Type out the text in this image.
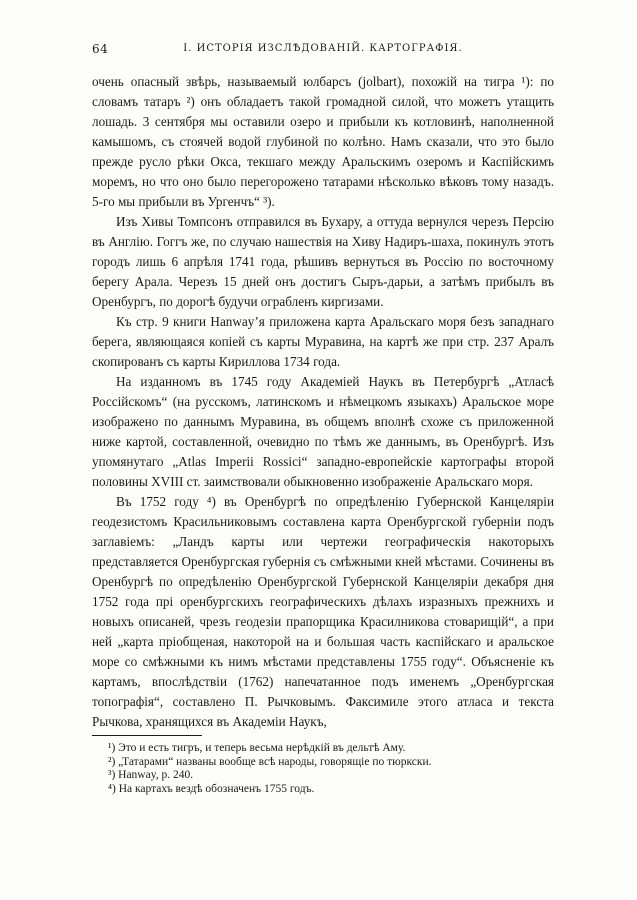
64	I. ИСТОРІЯ ИЗСЛѢДОВАНІЙ. КАРТОГРАФІЯ.

очень опасный звѣрь, называемый юлбарсъ (jolbart), похожій на тигра ¹): по словамъ татаръ ²) онъ обладаетъ такой громадной силой, что можетъ утащить лошадь. 3 сентября мы оставили озеро и прибыли къ котловинѣ, наполненной камышомъ, съ стоячей водой глубиной по колѣно. Намъ сказали, что это было прежде русло рѣки Окса, текшаго между Аральскимъ озеромъ и Каспійскимъ моремъ, но что оно было перегорожено татарами нѣсколько вѣковъ тому назадъ. 5-го мы прибыли въ Ургенчъ“ ³).

Изъ Хивы Томпсонъ отправился въ Бухару, а оттуда вернулся черезъ Персію въ Англію. Гоггъ же, по случаю нашествія на Хиву Надиръ-шаха, покинулъ этотъ городъ лишь 6 апрѣля 1741 года, рѣшивъ вернуться въ Россію по восточному берегу Арала. Черезъ 15 дней онъ достигъ Сыръ-дарьи, а затѣмъ прибылъ въ Оренбургъ, по дорогѣ будучи ограбленъ киргизами.

Къ стр. 9 книги Hanway’я приложена карта Аральскаго моря безъ западнаго берега, являющаяся копіей съ карты Муравина, на картѣ же при стр. 237 Аралъ скопированъ съ карты Кириллова 1734 года.

На изданномъ въ 1745 году Академіей Наукъ въ Петербургѣ „Атласѣ Россійскомъ“ (на русскомъ, латинскомъ и нѣмецкомъ языкахъ) Аральское море изображено по даннымъ Муравина, въ общемъ вполнѣ схоже съ приложенной ниже картой, составленной, очевидно по тѣмъ же даннымъ, въ Оренбургѣ. Изъ упомянутаго „Atlas Imperii Rossici“ западно-европейскіе картографы второй половины XVIII ст. заимствовали обыкновенно изображеніе Аральскаго моря.

Въ 1752 году ⁴) въ Оренбургѣ по опредѣленію Губернской Канцеляріи геодезистомъ Красильниковымъ составлена карта Оренбургской губерніи подъ заглавіемъ: „Ландъ карты или чертежи географическія накоторыхъ представляется Оренбургская губернія съ смѣжными кней мѣстами. Сочинены въ Оренбургѣ по опредѣленію Оренбургской Губернской Канцеляріи декабря дня 1752 года прі оренбургскихъ географическихъ дѣлахъ изразныхъ прежнихъ и новыхъ описаней, чрезъ геодезіи прапорщика Красилникова стоварищій“, а при ней „карта пріобщеная, накоторой на и большая часть каспійскаго и аральское море со смѣжными къ нимъ мѣстами представлены 1755 году“. Объясненіе къ картамъ, впослѣдствіи (1762) напечатанное подъ именемъ „Оренбургская топографія“, составлено П. Рычковымъ. Факсимиле этого атласа и текста Рычкова, хранящихся въ Академіи Наукъ,

¹) Это и есть тигръ, и теперь весьма нерѣдкій въ дельтѣ Аму.
²) „Татарами“ названы вообще всѣ народы, говорящіе по тюркски.
³) Hanway, p. 240.
⁴) На картахъ вездѣ обозначенъ 1755 годъ.
